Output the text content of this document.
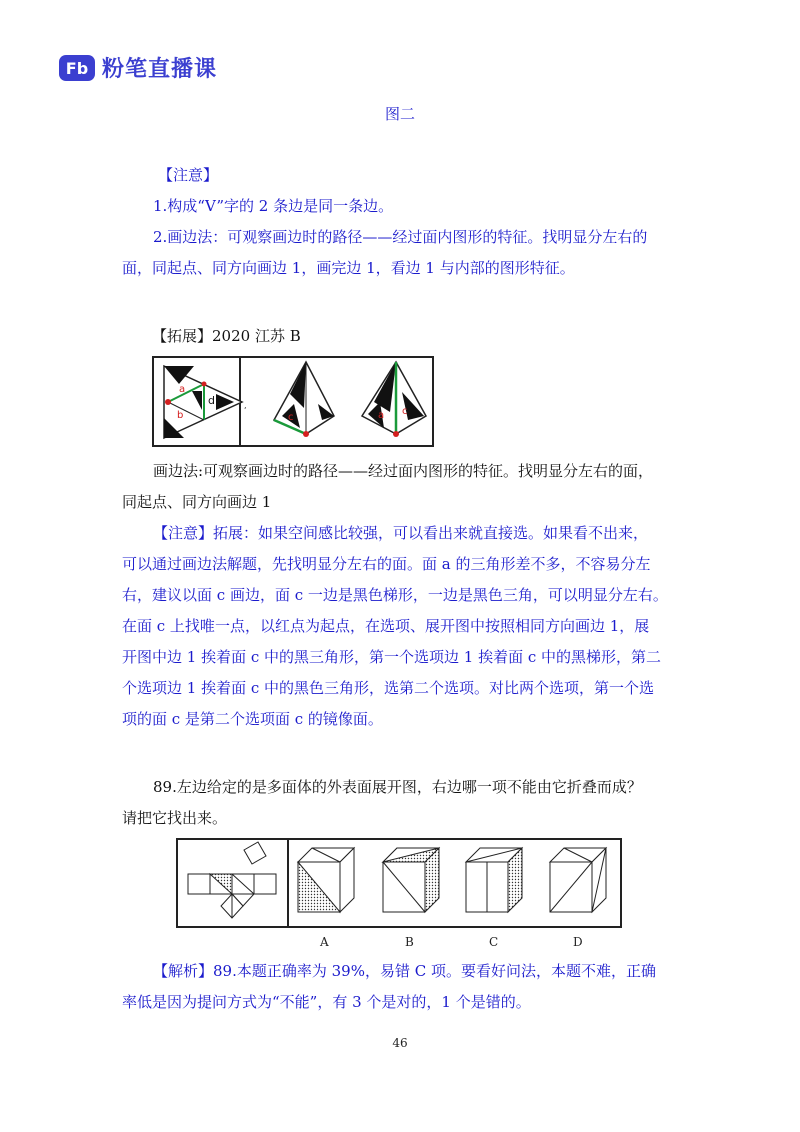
Fb 粉笔直播课
图二
【注意】
1.构成“V”字的 2 条边是同一条边。
2.画边法：可观察画边时的路径——经过面内图形的特征。找明显分左右的
面，同起点、同方向画边 1，画完边 1，看边 1 与内部的图形特征。
【拓展】2020 江苏 B
a
b
d
c	a c
,
画边法:可观察画边时的路径——经过面内图形的特征。找明显分左右的面，
同起点、同方向画边 1
【注意】拓展：如果空间感比较强，可以看出来就直接选。如果看不出来，
可以通过画边法解题，先找明显分左右的面。面 a 的三角形差不多，不容易分左
右，建议以面 c 画边，面 c 一边是黑色梯形，一边是黑色三角，可以明显分左右。
在面 c 上找唯一点，以红点为起点，在选项、展开图中按照相同方向画边 1，展
开图中边 1 挨着面 c 中的黑三角形，第一个选项边 1 挨着面 c 中的黑梯形，第二
个选项边 1 挨着面 c 中的黑色三角形，选第二个选项。对比两个选项，第一个选
项的面 c 是第二个选项面 c 的镜像面。
89.左边给定的是多面体的外表面展开图，右边哪一项不能由它折叠而成？
请把它找出来。
A	B	C	D
【解析】89.本题正确率为 39%，易错 C 项。要看好问法，本题不难，正确
率低是因为提问方式为“不能”，有 3 个是对的，1 个是错的。
46
